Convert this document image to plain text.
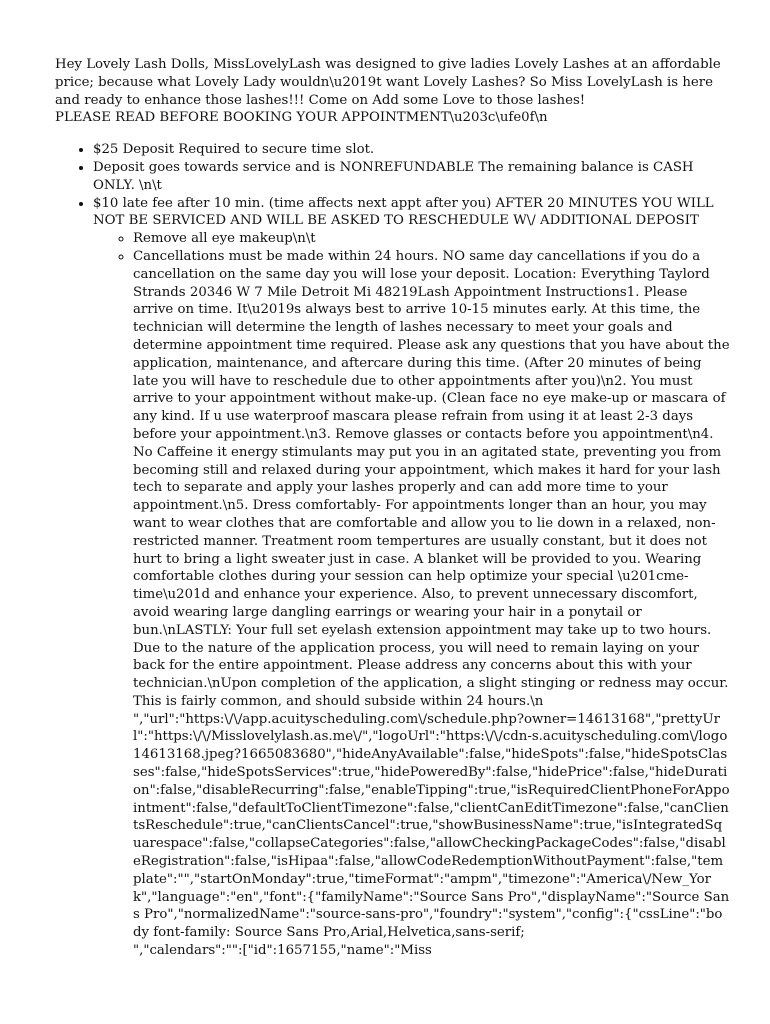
Hey Lovely Lash Dolls, MissLovelyLash was designed to give ladies Lovely Lashes at an affordable price; because what Lovely Lady wouldn\u2019t want Lovely Lashes? So Miss LovelyLash is here and ready to enhance those lashes!!! Come on Add some Love to those lashes!
PLEASE READ BEFORE BOOKING YOUR APPOINTMENT\u203c\ufe0f\n

• $25 Deposit Required to secure time slot.
• Deposit goes towards service and is NONREFUNDABLE The remaining balance is CASH ONLY. \n\t
• $10 late fee after 10 min. (time affects next appt after you) AFTER 20 MINUTES YOU WILL NOT BE SERVICED AND WILL BE ASKED TO RESCHEDULE W\/ ADDITIONAL DEPOSIT
◦ Remove all eye makeup\n\t
◦ Cancellations must be made within 24 hours. NO same day cancellations if you do a cancellation on the same day you will lose your deposit. Location: Everything Taylord Strands 20346 W 7 Mile Detroit Mi 48219Lash Appointment Instructions1. Please arrive on time. It\u2019s always best to arrive 10-15 minutes early. At this time, the technician will determine the length of lashes necessary to meet your goals and determine appointment time required. Please ask any questions that you have about the application, maintenance, and aftercare during this time. (After 20 minutes of being late you will have to reschedule due to other appointments after you)\n2. You must arrive to your appointment without make-up. (Clean face no eye make-up or mascara of any kind. If u use waterproof mascara please refrain from using it at least 2-3 days before your appointment.\n3. Remove glasses or contacts before you appointment\n4. No Caffeine it energy stimulants may put you in an agitated state, preventing you from becoming still and relaxed during your appointment, which makes it hard for your lash tech to separate and apply your lashes properly and can add more time to your appointment.\n5. Dress comfortably- For appointments longer than an hour, you may want to wear clothes that are comfortable and allow you to lie down in a relaxed, non-restricted manner. Treatment room tempertures are usually constant, but it does not hurt to bring a light sweater just in case. A blanket will be provided to you. Wearing comfortable clothes during your session can help optimize your special \u201cme-time\u201d and enhance your experience. Also, to prevent unnecessary discomfort, avoid wearing large dangling earrings or wearing your hair in a ponytail or bun.\nLASTLY: Your full set eyelash extension appointment may take up to two hours. Due to the nature of the application process, you will need to remain laying on your back for the entire appointment. Please address any concerns about this with your technician.\nUpon completion of the application, a slight stinging or redness may occur. This is fairly common, and should subside within 24 hours.\n
","url":"https:\/\/app.acuityscheduling.com\/schedule.php?owner=14613168","prettyUrl":"https:\/\/Misslovelylash.as.me\/","logoUrl":"https:\/\/cdn-s.acuityscheduling.com\/logo14613168.jpeg?1665083680","hideAnyAvailable":false,"hideSpots":false,"hideSpotsClasses":false,"hideSpotsServices":true,"hidePoweredBy":false,"hidePrice":false,"hideDuration":false,"disableRecurring":false,"enableTipping":true,"isRequiredClientPhoneForAppointment":false,"defaultToClientTimezone":false,"clientCanEditTimezone":false,"canClientsReschedule":true,"canClientsCancel":true,"showBusinessName":true,"isIntegratedSquarespace":false,"collapseCategories":false,"allowCheckingPackageCodes":false,"disableRegistration":false,"isHipaa":false,"allowCodeRedemptionWithoutPayment":false,"template":"","startOnMonday":true,"timeFormat":"ampm","timezone":"America\/New_York","language":"en","font":{"familyName":"Source Sans Pro","displayName":"Source Sans Pro","normalizedName":"source-sans-pro","foundry":"system","config":{"cssLine":"body font-family: Source Sans Pro,Arial,Helvetica,sans-serif;
","calendars":"":["id":1657155,"name":"Miss
